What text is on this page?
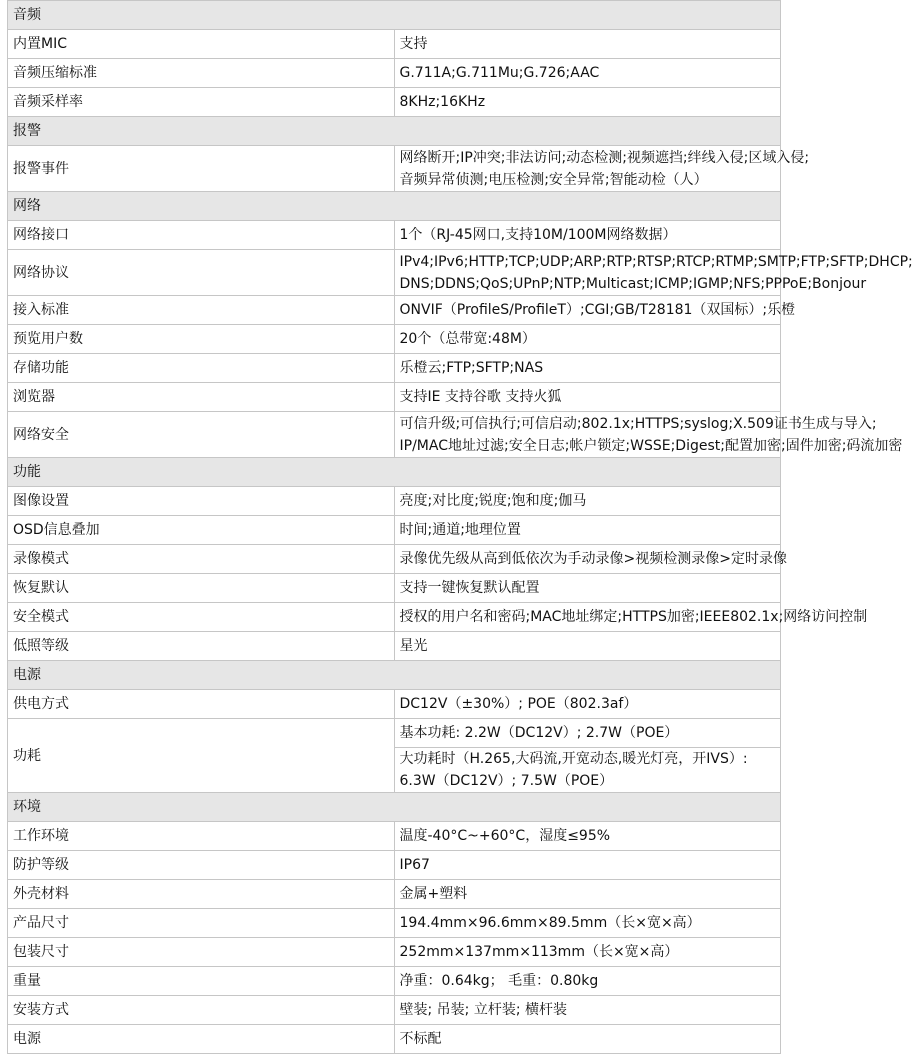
音频	
内置MIC	支持

音频压缩标准	G.711A;G.711Mu;G.726;AAC

音频采样率	8KHz;16KHz

报警	
报警事件	网络断开;IP冲突;非法访问;动态检测;视频遮挡;绊线入侵;区域入侵;
音频异常侦测;电压检测;安全异常;智能动检（人）

网络	
网络接口	1个（RJ-45网口,支持10M/100M网络数据）

网络协议	IPv4;IPv6;HTTP;TCP;UDP;ARP;RTP;RTSP;RTCP;RTMP;SMTP;FTP;SFTP;DHCP;
DNS;DDNS;QoS;UPnP;NTP;Multicast;ICMP;IGMP;NFS;PPPoE;Bonjour

接入标准	ONVIF（ProfileS/ProfileT）;CGI;GB/T28181（双国标）;乐橙

预览用户数	20个（总带宽:48M）

存储功能	乐橙云;FTP;SFTP;NAS

浏览器	支持IE 支持谷歌 支持火狐

网络安全	可信升级;可信执行;可信启动;802.1x;HTTPS;syslog;X.509证书生成与导入;
IP/MAC地址过滤;安全日志;帐户锁定;WSSE;Digest;配置加密;固件加密;码流加密

功能	
图像设置	亮度;对比度;锐度;饱和度;伽马

OSD信息叠加	时间;通道;地理位置

录像模式	录像优先级从高到低依次为手动录像>视频检测录像>定时录像

恢复默认	支持一键恢复默认配置

安全模式	授权的用户名和密码;MAC地址绑定;HTTPS加密;IEEE802.1x;网络访问控制

低照等级	星光

电源	
供电方式	DC12V（±30%）; POE（802.3af）

功耗	基本功耗: 2.2W（DC12V）; 2.7W（POE）
	大功耗时（H.265,大码流,开宽动态,暖光灯亮，开IVS）: 6.3W（DC12V）; 7.5W（POE）
环境	
工作环境	温度-40°C~+60°C，湿度≤95%

防护等级	IP67

外壳材料	金属+塑料

产品尺寸	194.4mm×96.6mm×89.5mm（长×宽×高）

包装尺寸	252mm×137mm×113mm（长×宽×高）

重量	净重：0.64kg； 毛重：0.80kg

安装方式	壁装; 吊装; 立杆装; 横杆装

电源	不标配
